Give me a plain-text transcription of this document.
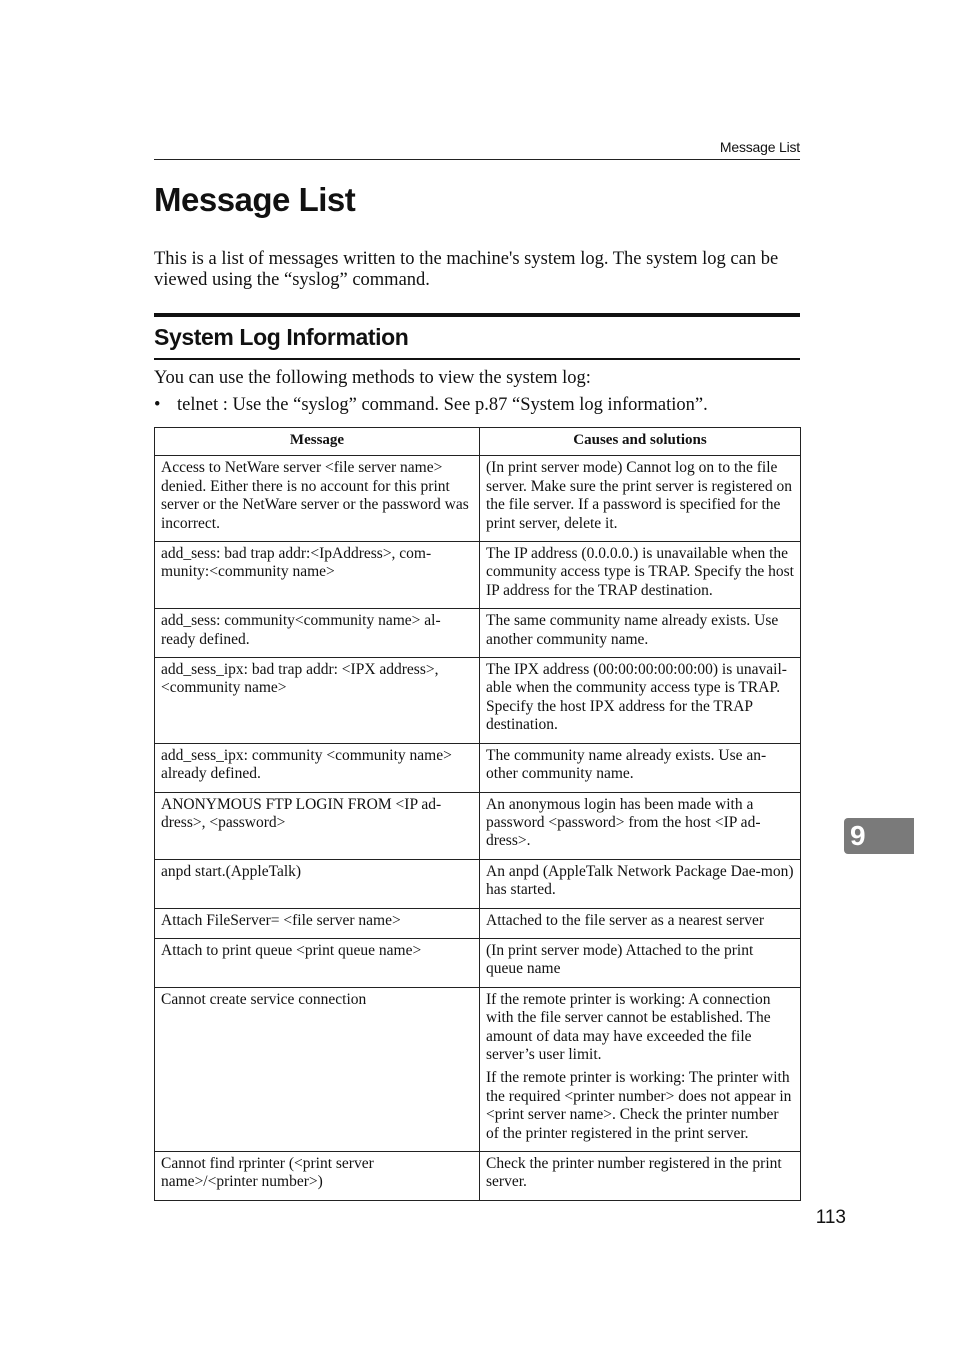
Message List
Message List

This is a list of messages written to the machine's system log. The system log can be viewed using the “syslog” command.

System Log Information

You can use the following methods to view the system log:

• telnet : Use the “syslog” command. See p.87 “System log information”.
Message	Causes and solutions
Access to NetWare server <file server name> denied. Either there is no account for this print server or the NetWare server or the password was incorrect.	(In print server mode) Cannot log on to the file server. Make sure the print server is registered on the file server. If a password is specified for the print server, delete it.

add_sess: bad trap addr:<IpAddress>, com-munity:<community name>	The IP address (0.0.0.0.) is unavailable when the community access type is TRAP. Specify the host IP address for the TRAP destination.

add_sess: community<community name> al-ready defined.	The same community name already exists. Use another community name.

add_sess_ipx: bad trap addr: <IPX address>, <community name>	The IPX address (00:00:00:00:00:00) is unavail-able when the community access type is TRAP. Specify the host IPX address for the TRAP destination.

add_sess_ipx: community <community name> already defined.	The community name already exists. Use an-other community name.

ANONYMOUS FTP LOGIN FROM <IP ad-dress>, <password>	An anonymous login has been made with a password <password> from the host <IP ad-dress>.

anpd start.(AppleTalk)	An anpd (AppleTalk Network Package Dae-mon) has started.

Attach FileServer= <file server name>	Attached to the file server as a nearest server

Attach to print queue <print queue name>	(In print server mode) Attached to the print queue name

Cannot create service connection	If the remote printer is working: A connection with the file server cannot be established. The amount of data may have exceeded the file server’s user limit.

If the remote printer is working: The printer with the required <printer number> does not appear in <print server name>. Check the printer number of the printer registered in the print server.

Cannot find rprinter (<print server name>/<printer number>)	Check the printer number registered in the print server.

9
113
